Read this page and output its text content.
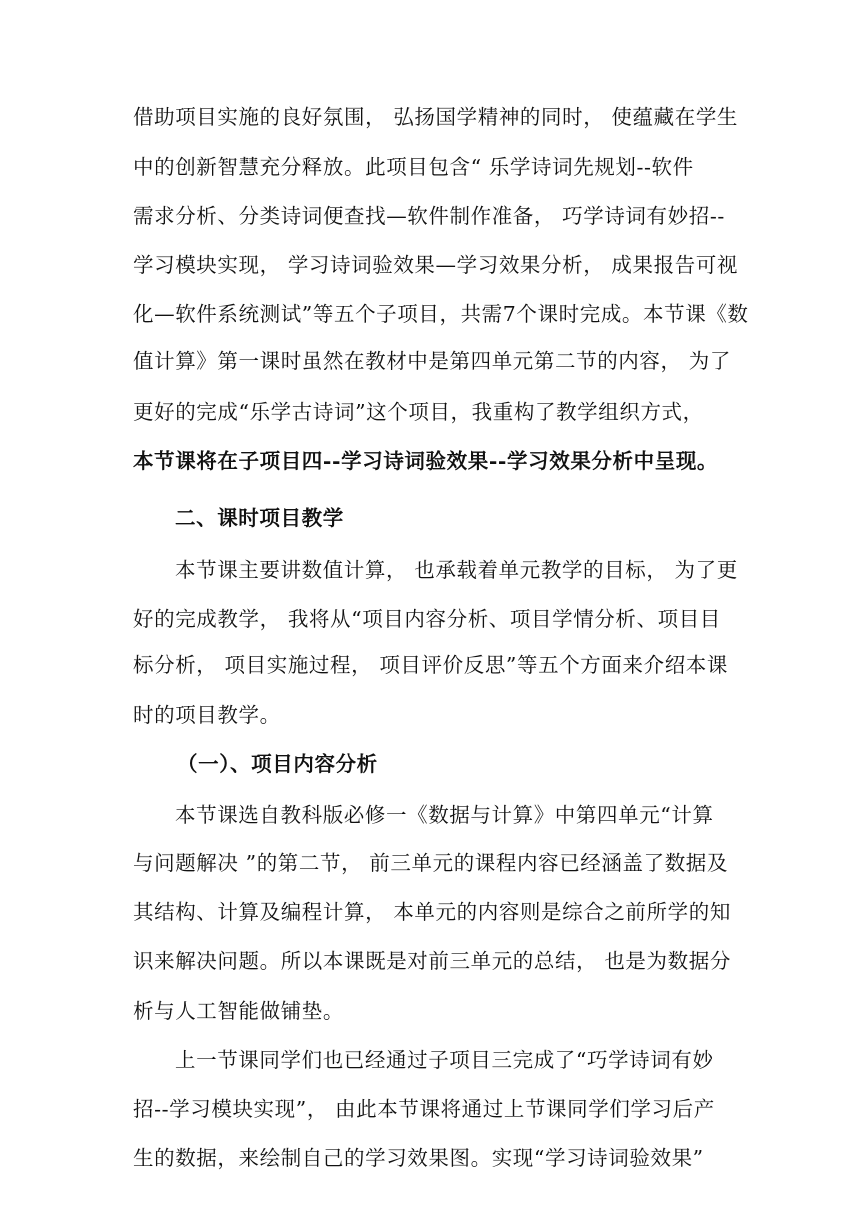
借助项目实施的良好氛围， 弘扬国学精神的同时， 使蕴藏在学生
中的创新智慧充分释放。此项目包含“ 乐学诗词先规划--软件
需求分析、分类诗词便查找—软件制作准备， 巧学诗词有妙招--
学习模块实现， 学习诗词验效果—学习效果分析， 成果报告可视
化—软件系统测试”等五个子项目，共需7个课时完成。本节课《数
值计算》第一课时虽然在教材中是第四单元第二节的内容， 为了
更好的完成“乐学古诗词”这个项目，我重构了教学组织方式，
本节课将在子项目四--学习诗词验效果--学习效果分析中呈现。
二、课时项目教学
本节课主要讲数值计算， 也承载着单元教学的目标， 为了更
好的完成教学， 我将从“项目内容分析、项目学情分析、项目目
标分析， 项目实施过程， 项目评价反思”等五个方面来介绍本课
时的项目教学。
（一）、项目内容分析
本节课选自教科版必修一《数据与计算》中第四单元“计算
与问题解决 ”的第二节， 前三单元的课程内容已经涵盖了数据及
其结构、计算及编程计算， 本单元的内容则是综合之前所学的知
识来解决问题。所以本课既是对前三单元的总结， 也是为数据分
析与人工智能做铺垫。
上一节课同学们也已经通过子项目三完成了“巧学诗词有妙
招--学习模块实现”， 由此本节课将通过上节课同学们学习后产
生的数据，来绘制自己的学习效果图。实现“学习诗词验效果”
